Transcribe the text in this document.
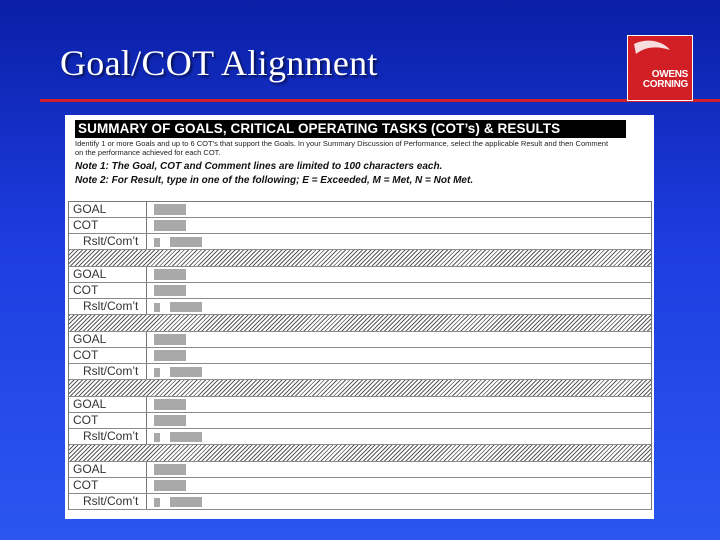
Goal/COT Alignment	OWENS
CORNING
SUMMARY OF GOALS, CRITICAL OPERATING TASKS (COT’s) & RESULTS
Identify 1 or more Goals and up to 6 COT’s that support the Goals. In your Summary Discussion of Performance, select the applicable Result and then Comment on the performance achieved for each COT.
Note 1: The Goal, COT and Comment lines are limited to 100 characters each.
Note 2: For Result, type in one of the following; E = Exceeded, M = Met, N = Not Met.
GOAL
COT
Rslt/Com’t
GOAL
COT
Rslt/Com’t
GOAL
COT
Rslt/Com’t
GOAL
COT
Rslt/Com’t
GOAL
COT
Rslt/Com’t
